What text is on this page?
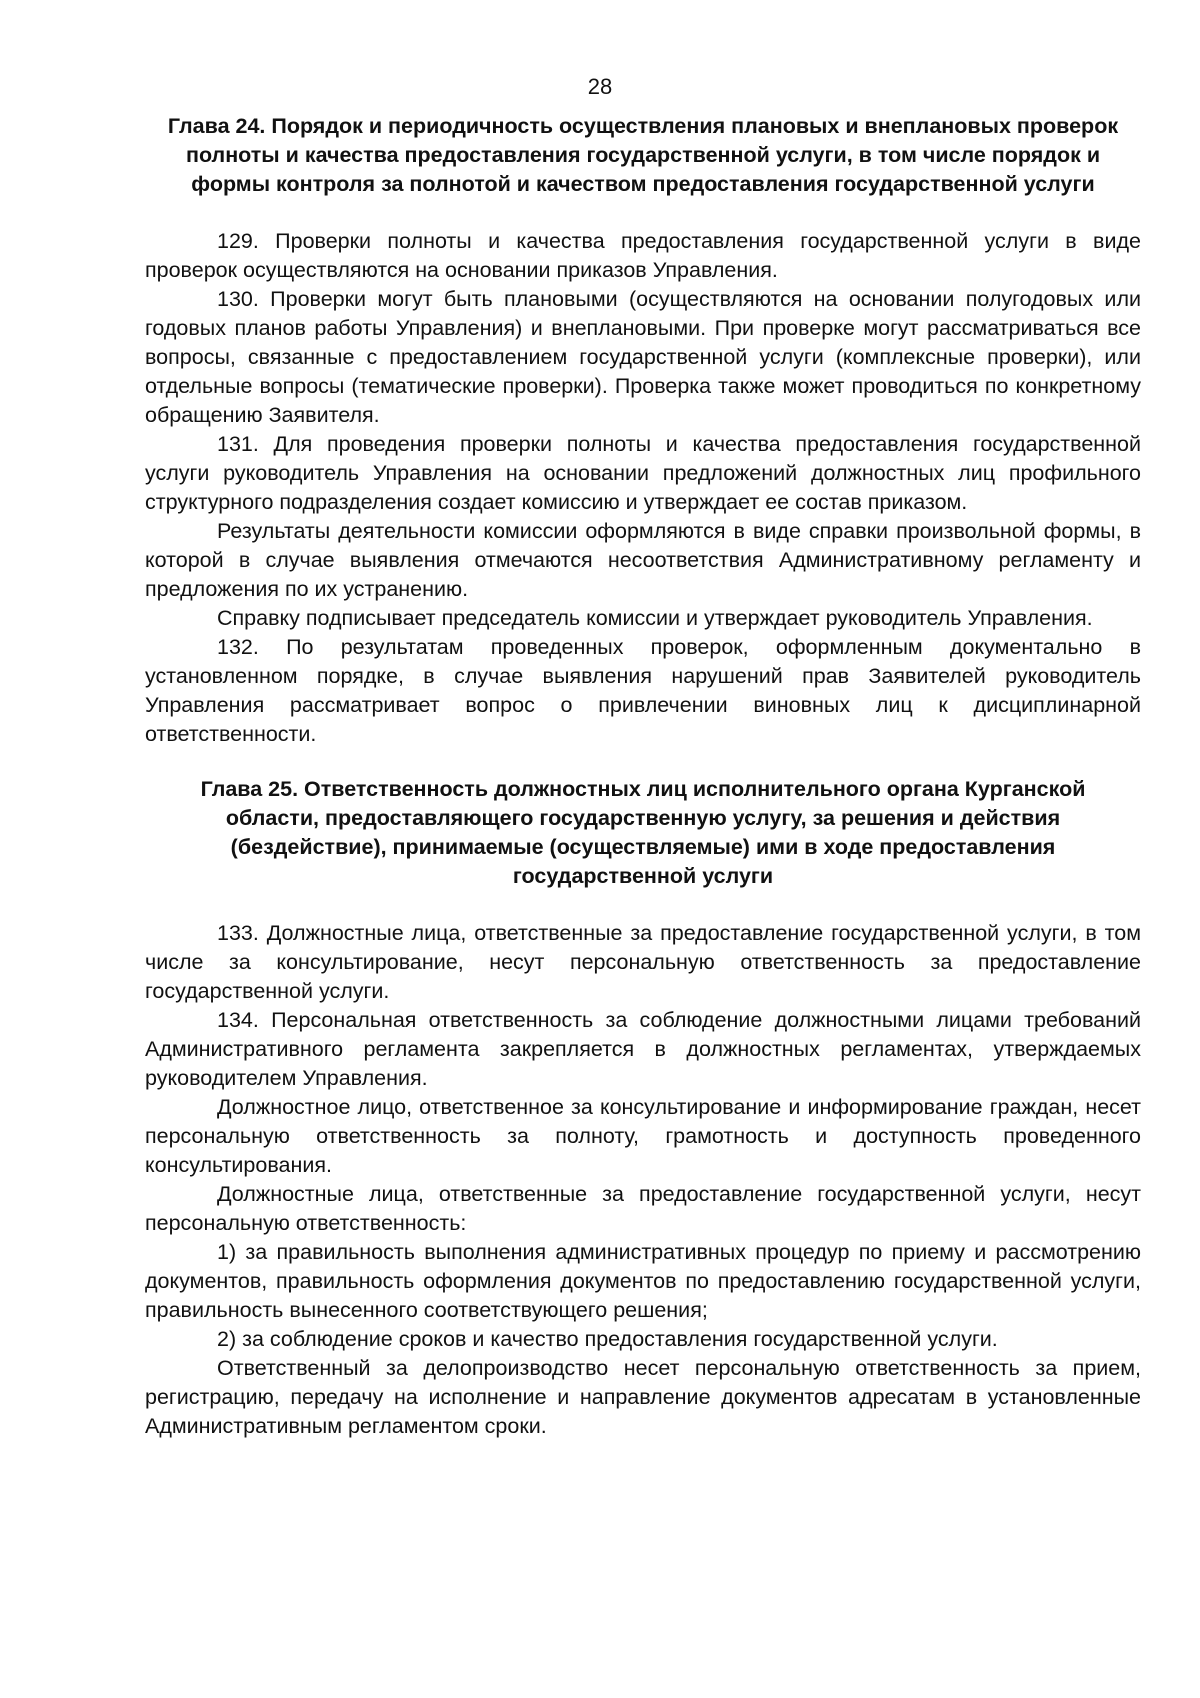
28
Глава 24. Порядок и периодичность осуществления плановых и внеплановых проверок полноты и качества предоставления государственной услуги, в том числе порядок и формы контроля за полнотой и качеством предоставления государственной услуги

129. Проверки полноты и качества предоставления государственной услуги в виде проверок осуществляются на основании приказов Управления.

130. Проверки могут быть плановыми (осуществляются на основании полугодовых или годовых планов работы Управления) и внеплановыми. При проверке могут рассматриваться все вопросы, связанные с предоставлением государственной услуги (комплексные проверки), или отдельные вопросы (тематические проверки). Проверка также может проводиться по конкретному обращению Заявителя.

131. Для проведения проверки полноты и качества предоставления государственной услуги руководитель Управления на основании предложений должностных лиц профильного структурного подразделения создает комиссию и утверждает ее состав приказом.

Результаты деятельности комиссии оформляются в виде справки произвольной формы, в которой в случае выявления отмечаются несоответствия Административному регламенту и предложения по их устранению.

Справку подписывает председатель комиссии и утверждает руководитель Управления.

132. По результатам проведенных проверок, оформленным документально в установленном порядке, в случае выявления нарушений прав Заявителей руководитель Управления рассматривает вопрос о привлечении виновных лиц к дисциплинарной ответственности.

Глава 25. Ответственность должностных лиц исполнительного органа Курганской области, предоставляющего государственную услугу, за решения и действия (бездействие), принимаемые (осуществляемые) ими в ходе предоставления государственной услуги

133. Должностные лица, ответственные за предоставление государственной услуги, в том числе за консультирование, несут персональную ответственность за предоставление государственной услуги.

134. Персональная ответственность за соблюдение должностными лицами требований Административного регламента закрепляется в должностных регламентах, утверждаемых руководителем Управления.

Должностное лицо, ответственное за консультирование и информирование граждан, несет персональную ответственность за полноту, грамотность и доступность проведенного консультирования.

Должностные лица, ответственные за предоставление государственной услуги, несут персональную ответственность:

1) за правильность выполнения административных процедур по приему и рассмотрению документов, правильность оформления документов по предоставлению государственной услуги, правильность вынесенного соответствующего решения;

2) за соблюдение сроков и качество предоставления государственной услуги.

Ответственный за делопроизводство несет персональную ответственность за прием, регистрацию, передачу на исполнение и направление документов адресатам в установленные Административным регламентом сроки.
